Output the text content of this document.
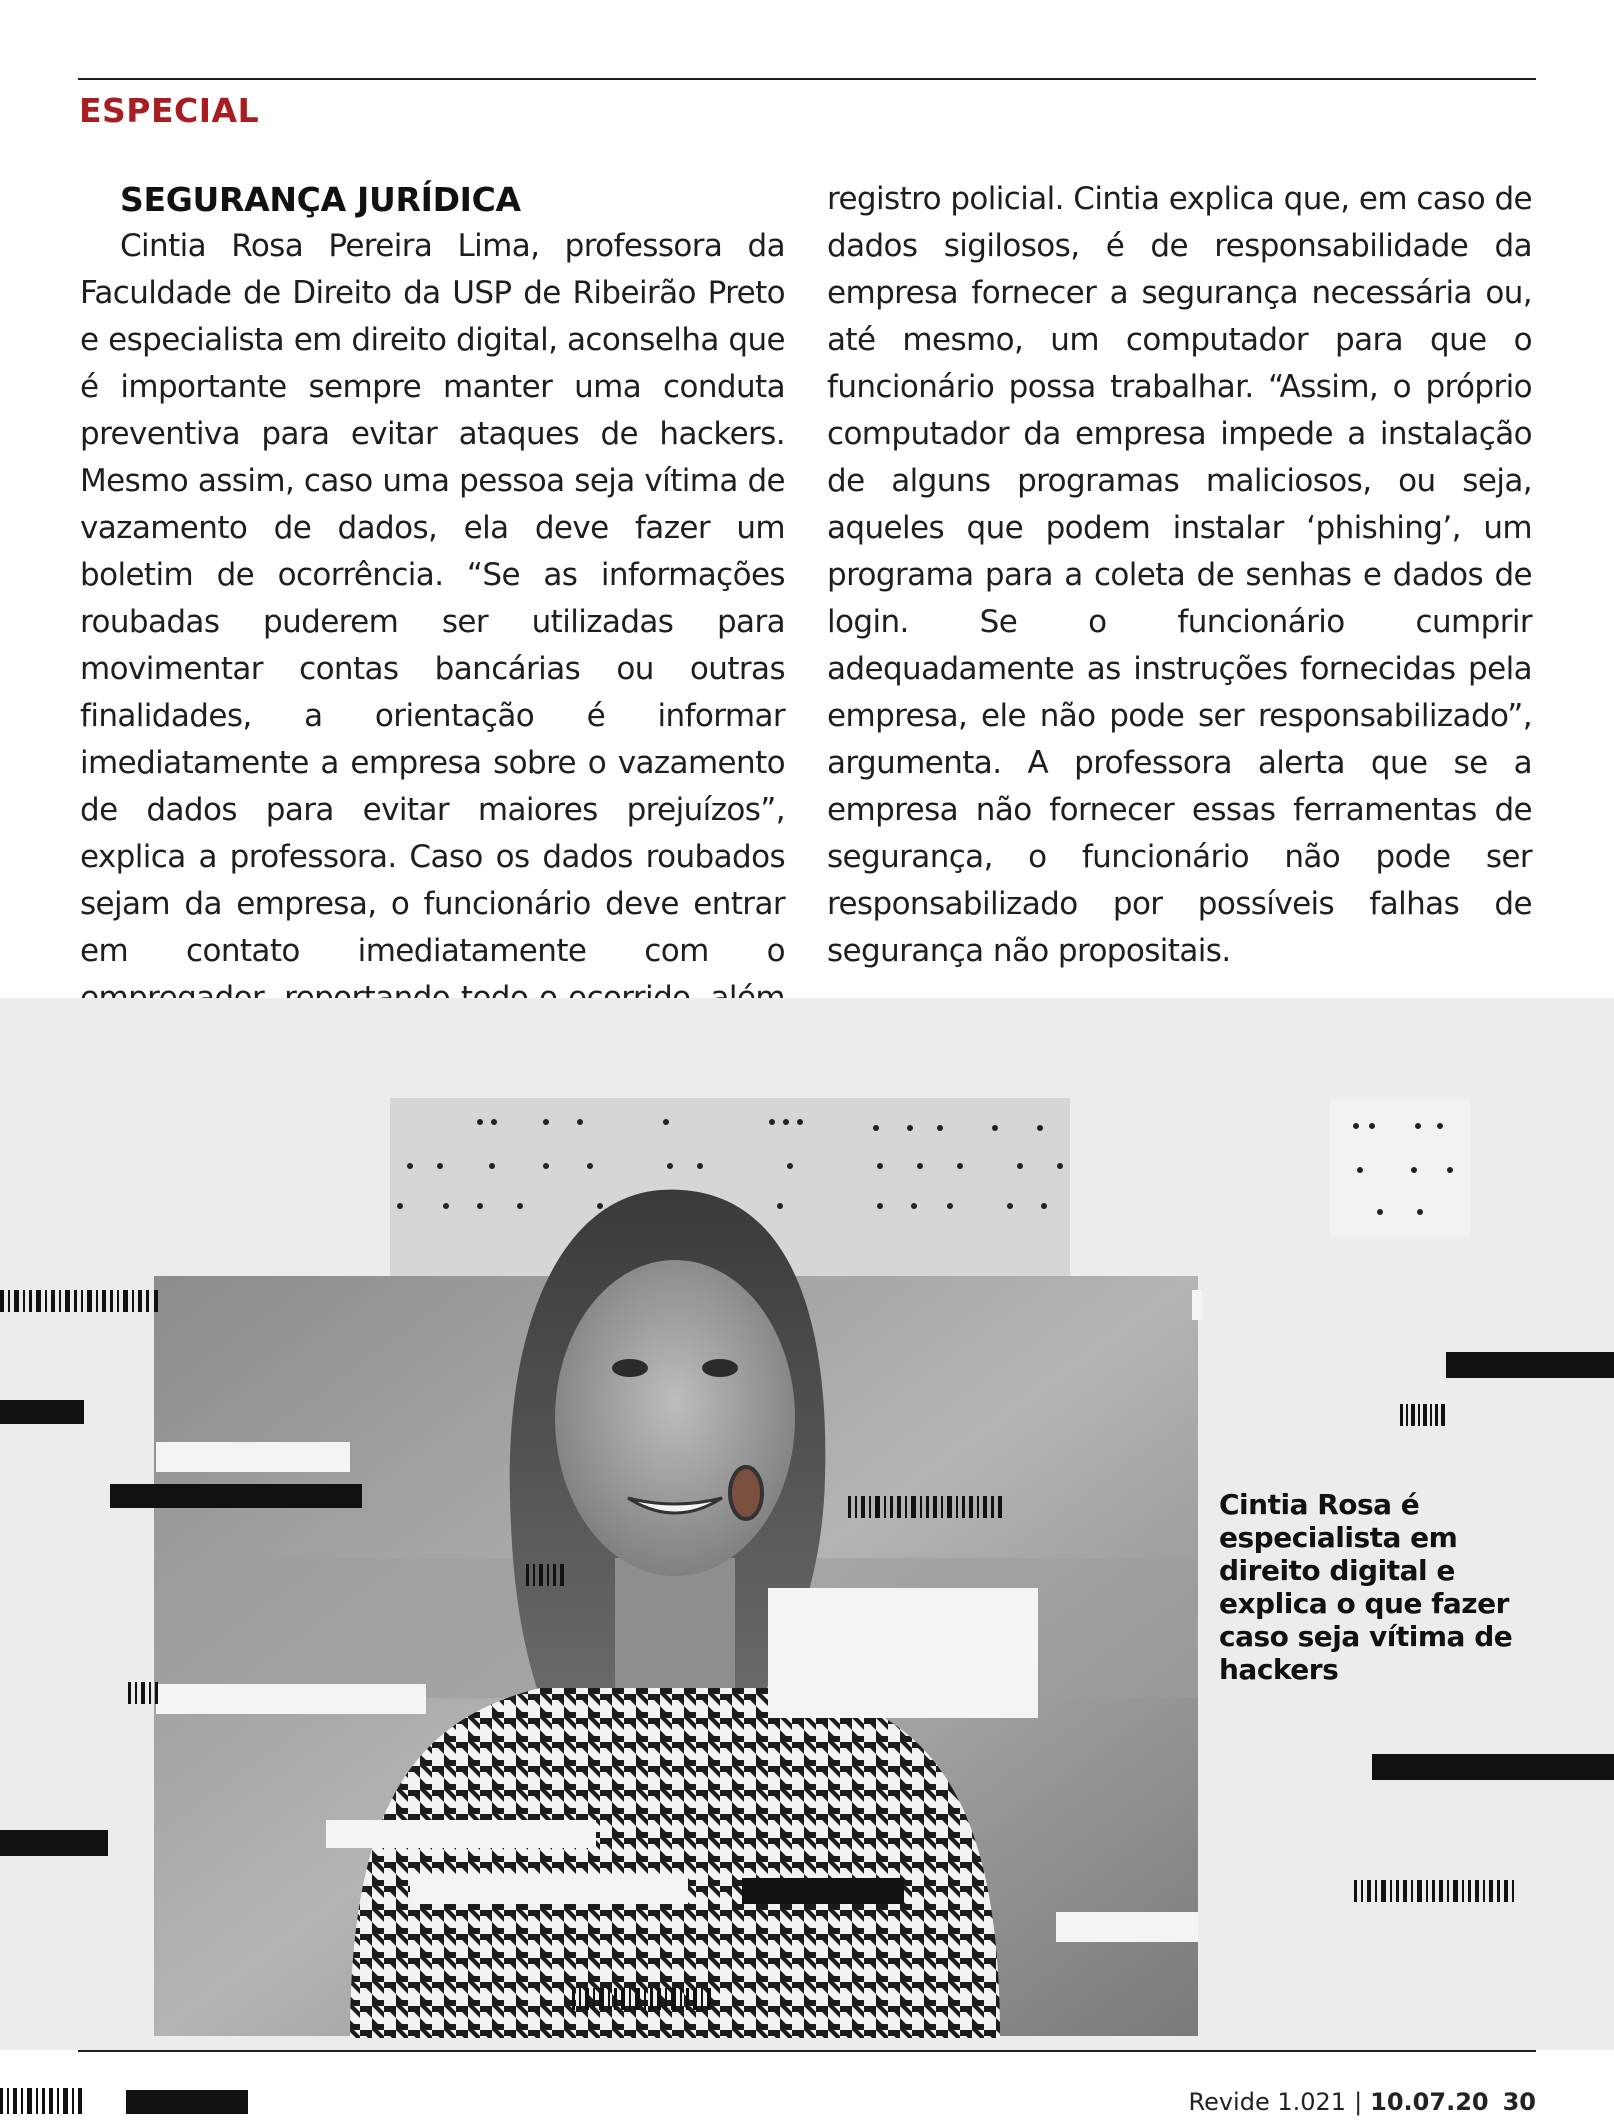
ESPECIAL
SEGURANÇA JURÍDICA

Cintia Rosa Pereira Lima, professora da Faculdade de Direito da USP de Ribeirão Preto e especialista em direito digital, aconselha que é importante sempre manter uma conduta preventiva para evitar ataques de hackers. Mesmo assim, caso uma pessoa seja vítima de vazamento de dados, ela deve fazer um boletim de ocorrência. “Se as informações roubadas puderem ser utilizadas para movimentar contas bancárias ou outras finalidades, a orientação é informar imediatamente a empresa sobre o vazamento de dados para evitar maiores prejuízos”, explica a professora. Caso os dados roubados sejam da empresa, o funcionário deve entrar em contato imediatamente com o

registro policial. Cintia explica que, em caso de dados sigilosos, é de responsabilidade da empresa fornecer a segurança necessária ou, até mesmo, um computador para que o funcionário possa trabalhar. “Assim, o próprio computador da empresa impede a instalação de alguns programas maliciosos, ou seja, aqueles que podem instalar ‘phishing’, um programa para a coleta de senhas e dados de login. Se o funcionário cumprir adequadamente as instruções fornecidas pela empresa, ele não pode ser responsabilizado”, argumenta. A professora alerta que se a empresa não fornecer essas ferramentas de segurança, o funcionário não pode ser responsabilizado por possíveis falhas de segurança não propositais.

Cintia Rosa é especialista em direito digital e explica o que fazer caso seja vítima de hackers

Revide 1.021 | 10.07.20 30
